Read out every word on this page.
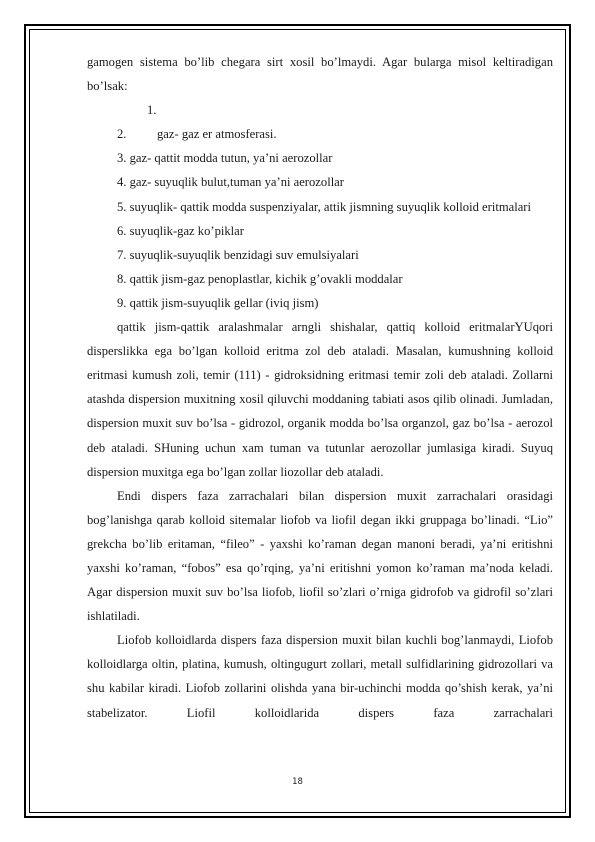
gamogen sistema bo’lib chegara sirt xosil bo’lmaydi. Agar bularga misol keltiradigan bo’lsak:

1. 2. gaz- gaz er atmosferasi.

3. gaz- qattit modda tutun, ya’ni aerozollar

4. gaz- suyuqlik bulut,tuman ya’ni aerozollar

5. suyuqlik- qattik modda suspenziyalar, attik jismning suyuqlik kolloid eritmalari

6. suyuqlik-gaz ko’piklar

7. suyuqlik-suyuqlik benzidagi suv emulsiyalari

8. qattik jism-gaz penoplastlar, kichik g’ovakli moddalar

9. qattik jism-suyuqlik gellar (iviq jism)

qattik jism-qattik aralashmalar arngli shishalar, qattiq kolloid eritmalarYUqori disperslikka ega bo’lgan kolloid eritma zol deb ataladi. Masalan, kumushning kolloid eritmasi kumush zoli, temir (111) - gidroksidning eritmasi temir zoli deb ataladi. Zollarni atashda dispersion muxitning xosil qiluvchi moddaning tabiati asos qilib olinadi. Jumladan, dispersion muxit suv bo’lsa - gidrozol, organik modda bo’lsa organzol, gaz bo’lsa - aerozol deb ataladi. SHuning uchun xam tuman va tutunlar aerozollar jumlasiga kiradi. Suyuq dispersion muxitga ega bo’lgan zollar liozollar deb ataladi.

Endi dispers faza zarrachalari bilan dispersion muxit zarrachalari orasidagi bog’lanishga qarab kolloid sitemalar liofob va liofil degan ikki gruppaga bo’linadi. “Lio” grekcha bo’lib eritaman, “fileo” - yaxshi ko’raman degan manoni beradi, ya’ni eritishni yaxshi ko’raman, “fobos” esa qo’rqing, ya’ni eritishni yomon ko’raman ma’noda keladi. Agar dispersion muxit suv bo’lsa liofob, liofil so’zlari o’rniga gidrofob va gidrofil so’zlari ishlatiladi.

Liofob kolloidlarda dispers faza dispersion muxit bilan kuchli bog’lanmaydi, Liofob kolloidlarga oltin, platina, kumush, oltingugurt zollari, metall sulfidlarining gidrozollari va shu kabilar kiradi. Liofob zollarini olishda yana bir-uchinchi modda qo’shish kerak, ya’ni stabelizator. Liofil kolloidlarida dispers faza zarrachalari

18
